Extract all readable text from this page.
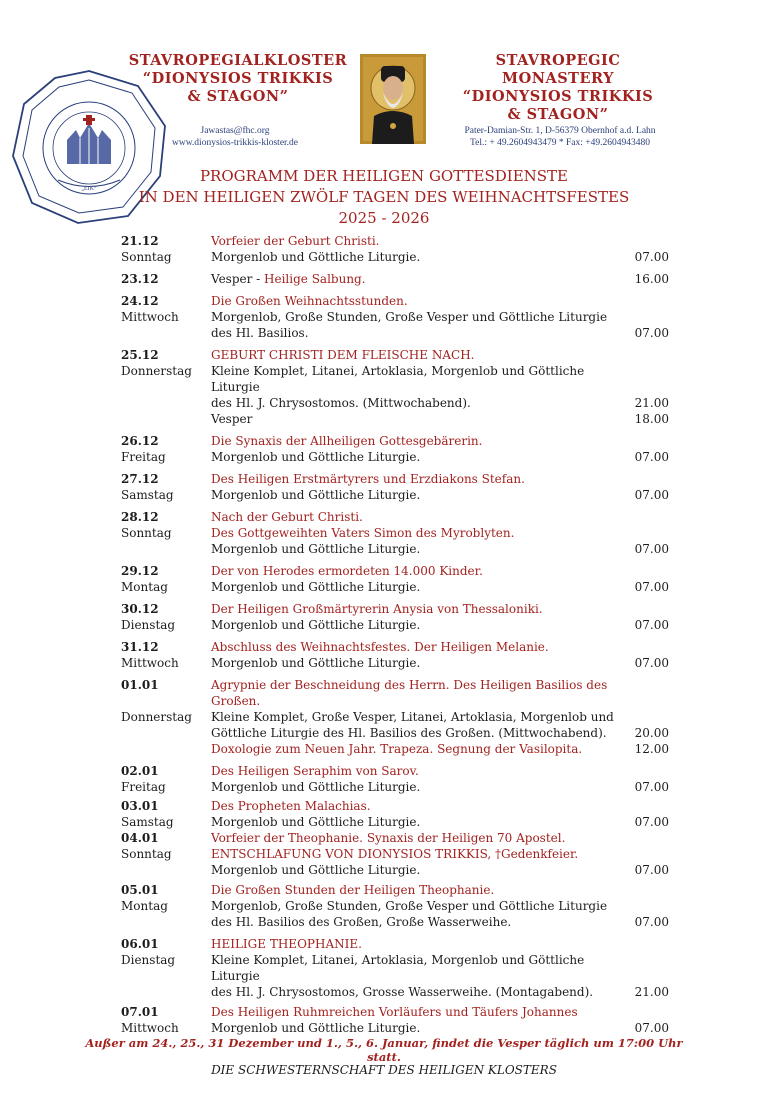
„EIK“
STAVROPEGIALKLOSTER
“DIONYSIOS TRIKKIS
& STAGON”
STAVROPEGIC MONASTERY
“DIONYSIOS TRIKKIS
& STAGON”
Jawastas@fhc.org
www.dionysios-trikkis-kloster.de
Pater-Damian-Str. 1, D-56379 Obernhof a.d. Lahn
Tel.: + 49.2604943479 * Fax: +49.2604943480
PROGRAMM DER HEILIGEN GOTTESDIENSTE
IN DEN HEILIGEN ZWÖLF TAGEN DES WEIHNACHTSFESTES
2025 - 2026
21.12	Vorfeier der Geburt Christi.
Sonntag	Morgenlob und Göttliche Liturgie.	07.00
23.12	Vesper - Heilige Salbung.	16.00
24.12	Die Großen Weihnachtsstunden.
Mittwoch	Morgenlob, Große Stunden, Große Vesper und Göttliche Liturgie
des Hl. Basilios.	07.00
25.12	GEBURT CHRISTI DEM FLEISCHE NACH.
Donnerstag	Kleine Komplet, Litanei, Artoklasia, Morgenlob und Göttliche Liturgie
des Hl. J. Chrysostomos. (Mittwochabend).	21.00
Vesper	18.00
26.12	Die Synaxis der Allheiligen Gottesgebärerin.
Freitag	Morgenlob und Göttliche Liturgie.	07.00
27.12	Des Heiligen Erstmärtyrers und Erzdiakons Stefan.
Samstag	Morgenlob und Göttliche Liturgie.	07.00
28.12	Nach der Geburt Christi.
Sonntag	Des Gottgeweihten Vaters Simon des Myroblyten.
Morgenlob und Göttliche Liturgie.	07.00
29.12	Der von Herodes ermordeten 14.000 Kinder.
Montag	Morgenlob und Göttliche Liturgie.	07.00
30.12	Der Heiligen Großmärtyrerin Anysia von Thessaloniki.
Dienstag	Morgenlob und Göttliche Liturgie.	07.00
31.12	Abschluss des Weihnachtsfestes. Der Heiligen Melanie.
Mittwoch	Morgenlob und Göttliche Liturgie.	07.00
01.01	Agrypnie der Beschneidung des Herrn. Des Heiligen Basilios des Großen.
Donnerstag	Kleine Komplet, Große Vesper, Litanei, Artoklasia, Morgenlob und
Göttliche Liturgie des Hl. Basilios des Großen. (Mittwochabend).	20.00
Doxologie zum Neuen Jahr. Trapeza. Segnung der Vasilopita.	12.00
02.01	Des Heiligen Seraphim von Sarov.
Freitag	Morgenlob und Göttliche Liturgie.	07.00
03.01	Des Propheten Malachias.
Samstag	Morgenlob und Göttliche Liturgie.	07.00
04.01	Vorfeier der Theophanie. Synaxis der Heiligen 70 Apostel.
Sonntag	ENTSCHLAFUNG VON DIONYSIOS TRIKKIS, †Gedenkfeier.
Morgenlob und Göttliche Liturgie.	07.00
05.01	Die Großen Stunden der Heiligen Theophanie.
Montag	Morgenlob, Große Stunden, Große Vesper und Göttliche Liturgie
des Hl. Basilios des Großen, Große Wasserweihe.	07.00
06.01	HEILIGE THEOPHANIE.
Dienstag	Kleine Komplet, Litanei, Artoklasia, Morgenlob und Göttliche Liturgie
des Hl. J. Chrysostomos, Grosse Wasserweihe. (Montagabend).	21.00
07.01	Des Heiligen Ruhmreichen Vorläufers und Täufers Johannes
Mittwoch	Morgenlob und Göttliche Liturgie.	07.00
Außer am 24., 25., 31 Dezember und 1., 5., 6. Januar, findet die Vesper täglich um 17:00 Uhr statt.
DIE SCHWESTERNSCHAFT DES HEILIGEN KLOSTERS
